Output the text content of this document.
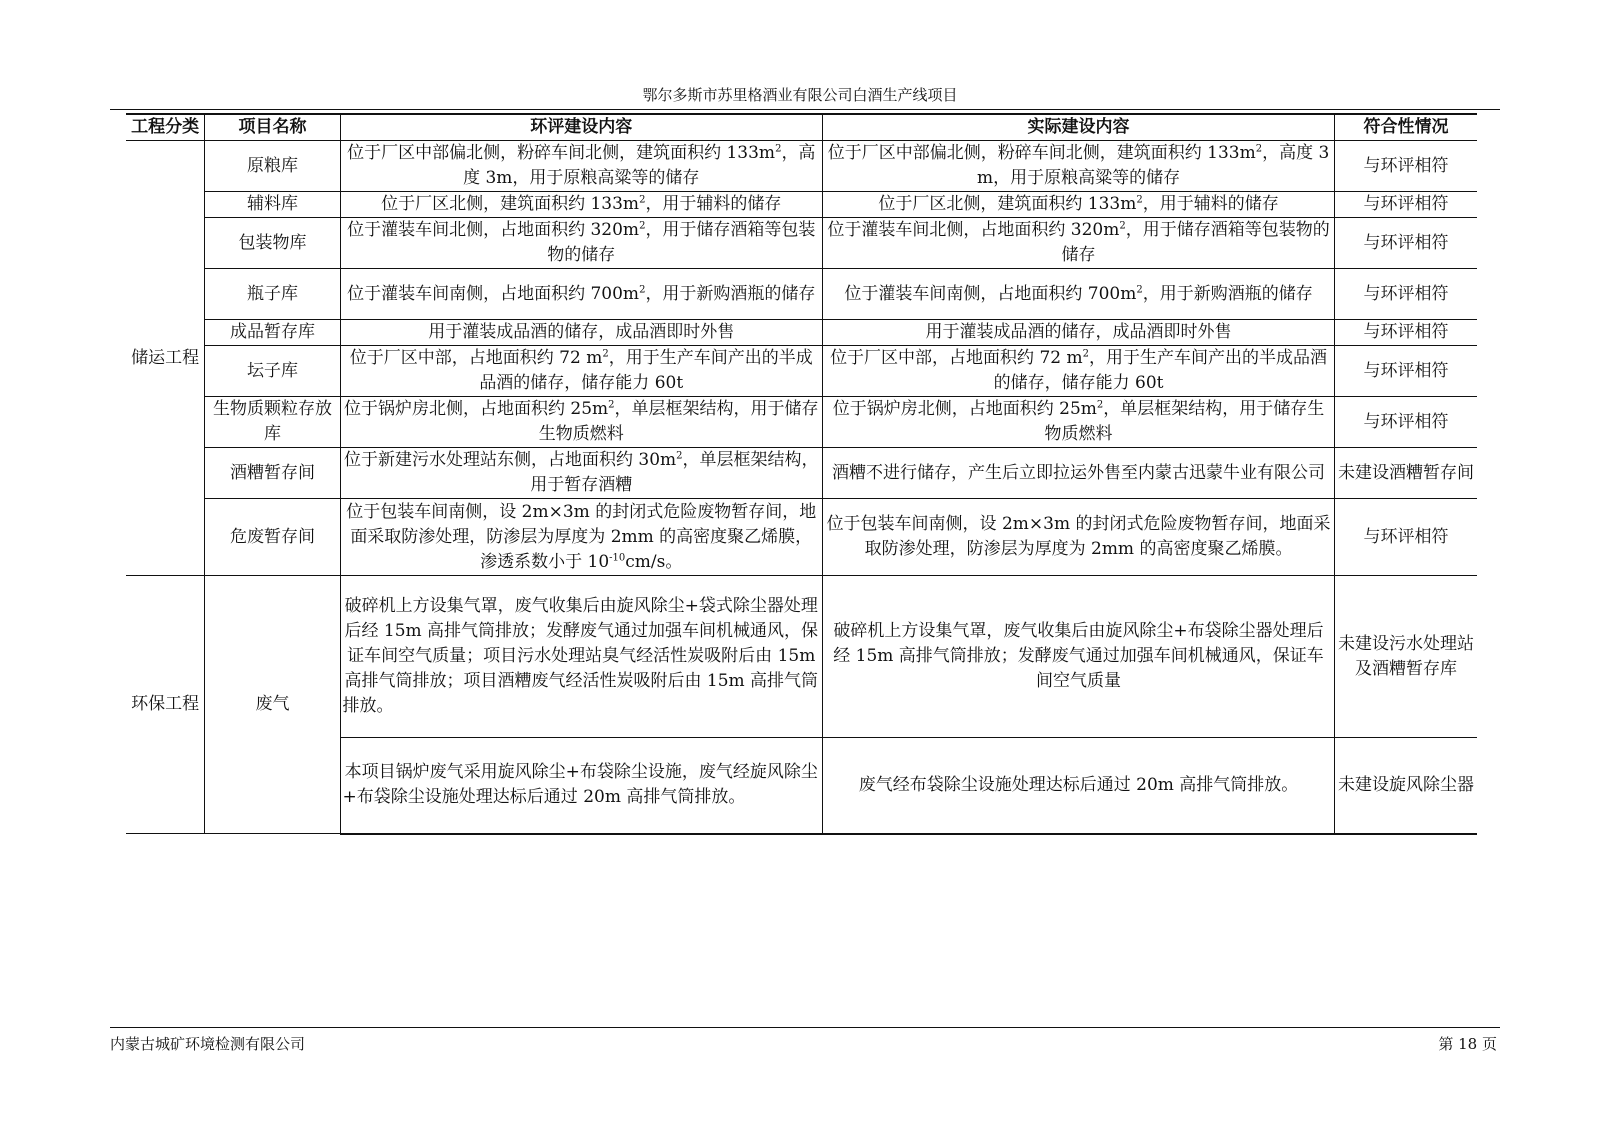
鄂尔多斯市苏里格酒业有限公司白酒生产线项目
工程分类	项目名称	环评建设内容	实际建设内容	符合性情况
储运工程	原粮库	位于厂区中部偏北侧，粉碎车间北侧，建筑面积约 $133m^2$，高度 3m，用于原粮高粱等的储存	位于厂区中部偏北侧，粉碎车间北侧，建筑面积约 $133m^2$，高度 3m，用于原粮高粱等的储存	与环评相符
	辅料库	位于厂区北侧，建筑面积约 $133m^2$，用于辅料的储存	位于厂区北侧，建筑面积约 $133m^2$，用于辅料的储存	与环评相符
	包装物库	位于灌装车间北侧，占地面积约 $320m^2$，用于储存酒箱等包装物的储存	位于灌装车间北侧，占地面积约 $320m^2$，用于储存酒箱等包装物的储存	与环评相符
	瓶子库	位于灌装车间南侧，占地面积约 $700m^2$，用于新购酒瓶的储存	位于灌装车间南侧，占地面积约 $700m^2$，用于新购酒瓶的储存	与环评相符
	成品暂存库	用于灌装成品酒的储存，成品酒即时外售	用于灌装成品酒的储存，成品酒即时外售	与环评相符
	坛子库	位于厂区中部，占地面积约 72 $m^2$，用于生产车间产出的半成品酒的储存，储存能力 60t	位于厂区中部，占地面积约 72 $m^2$，用于生产车间产出的半成品酒的储存，储存能力 60t	与环评相符
	生物质颗粒存放库	位于锅炉房北侧，占地面积约 $25m^2$，单层框架结构，用于储存生物质燃料	位于锅炉房北侧，占地面积约 $25m^2$，单层框架结构，用于储存生物质燃料	与环评相符
	酒糟暂存间	位于新建污水处理站东侧，占地面积约 $30m^2$，单层框架结构，用于暂存酒糟	酒糟不进行储存，产生后立即拉运外售至内蒙古迅蒙牛业有限公司	未建设酒糟暂存间
	危废暂存间	位于包装车间南侧，设 2m×3m 的封闭式危险废物暂存间，地面采取防渗处理，防渗层为厚度为 2mm 的高密度聚乙烯膜，渗透系数小于 $10^{-10}cm/s$。	位于包装车间南侧，设 2m×3m 的封闭式危险废物暂存间，地面采取防渗处理，防渗层为厚度为 2mm 的高密度聚乙烯膜。	与环评相符
环保工程	废气	破碎机上方设集气罩，废气收集后由旋风除尘+袋式除尘器处理后经 15m 高排气筒排放；发酵废气通过加强车间机械通风，保证车间空气质量；项目污水处理站臭气经活性炭吸附后由 15m 高排气筒排放；项目酒糟废气经活性炭吸附后由 15m 高排气筒排放。	破碎机上方设集气罩，废气收集后由旋风除尘+布袋除尘器处理后经 15m 高排气筒排放；发酵废气通过加强车间机械通风，保证车间空气质量	未建设污水处理站及酒糟暂存库
		本项目锅炉废气采用旋风除尘+布袋除尘设施，废气经旋风除尘+布袋除尘设施处理达标后通过 20m 高排气筒排放。	废气经布袋除尘设施处理达标后通过 20m 高排气筒排放。	未建设旋风除尘器
内蒙古城矿环境检测有限公司	第 18 页
